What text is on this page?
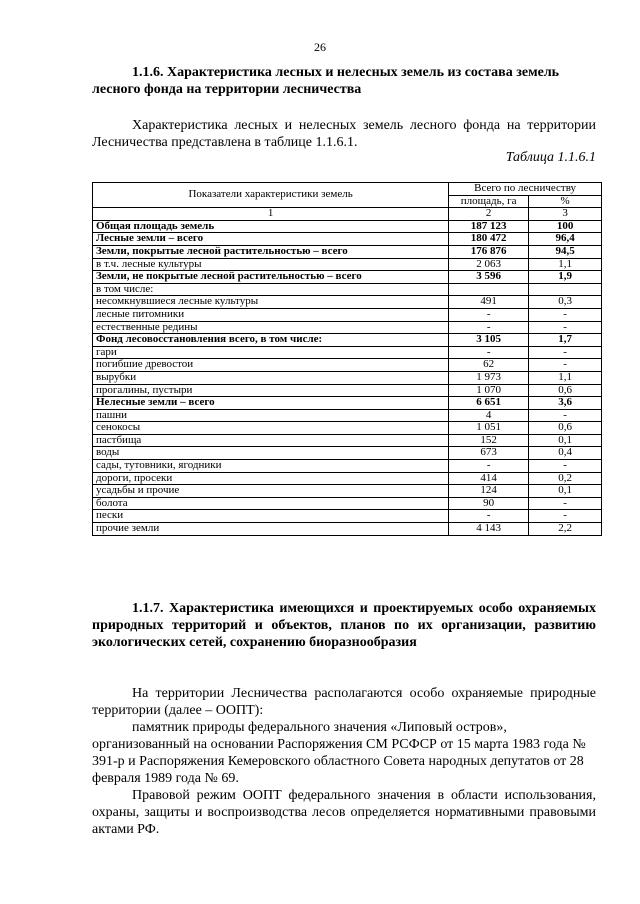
26

1.1.6. Характеристика лесных и нелесных земель из состава земель лесного фонда на территории лесничества

Характеристика лесных и нелесных земель лесного фонда на территории Лесничества представлена в таблице 1.1.6.1.

Таблица 1.1.6.1
Показатели характеристики земель	Всего по лесничеству	
	площадь, га	%
1	2	3
Общая площадь земель	187 123	100
Лесные земли – всего	180 472	96,4
Земли, покрытые лесной растительностью – всего	176 876	94,5
в т.ч. лесные культуры	2 063	1,1
Земли, не покрытые лесной растительностью – всего	3 596	1,9
в том числе:		
несомкнувшиеся лесные культуры	491	0,3
лесные питомники	-	-
естественные редины	-	-
Фонд лесовосстановления всего, в том числе:	3 105	1,7
гари	-	-
погибшие древостои	62	-
вырубки	1 973	1,1
прогалины, пустыри	1 070	0,6
Нелесные земли – всего	6 651	3,6
пашни	4	-
сенокосы	1 051	0,6
пастбища	152	0,1
воды	673	0,4
сады, тутовники, ягодники	-	-
дороги, просеки	414	0,2
усадьбы и прочие	124	0,1
болота	90	-
пески	-	-
прочие земли	4 143	2,2

1.1.7. Характеристика имеющихся и проектируемых особо охраняемых природных территорий и объектов, планов по их организации, развитию экологических сетей, сохранению биоразнообразия

На территории Лесничества располагаются особо охраняемые природные территории (далее – ООПТ):

памятник природы федерального значения «Липовый остров»,

организованный на основании Распоряжения СМ РСФСР от 15 марта 1983 года № 391-р и Распоряжения Кемеровского областного Совета народных депутатов от 28 февраля 1989 года № 69.

Правовой режим ООПТ федерального значения в области использования, охраны, защиты и воспроизводства лесов определяется нормативными правовыми актами РФ.
